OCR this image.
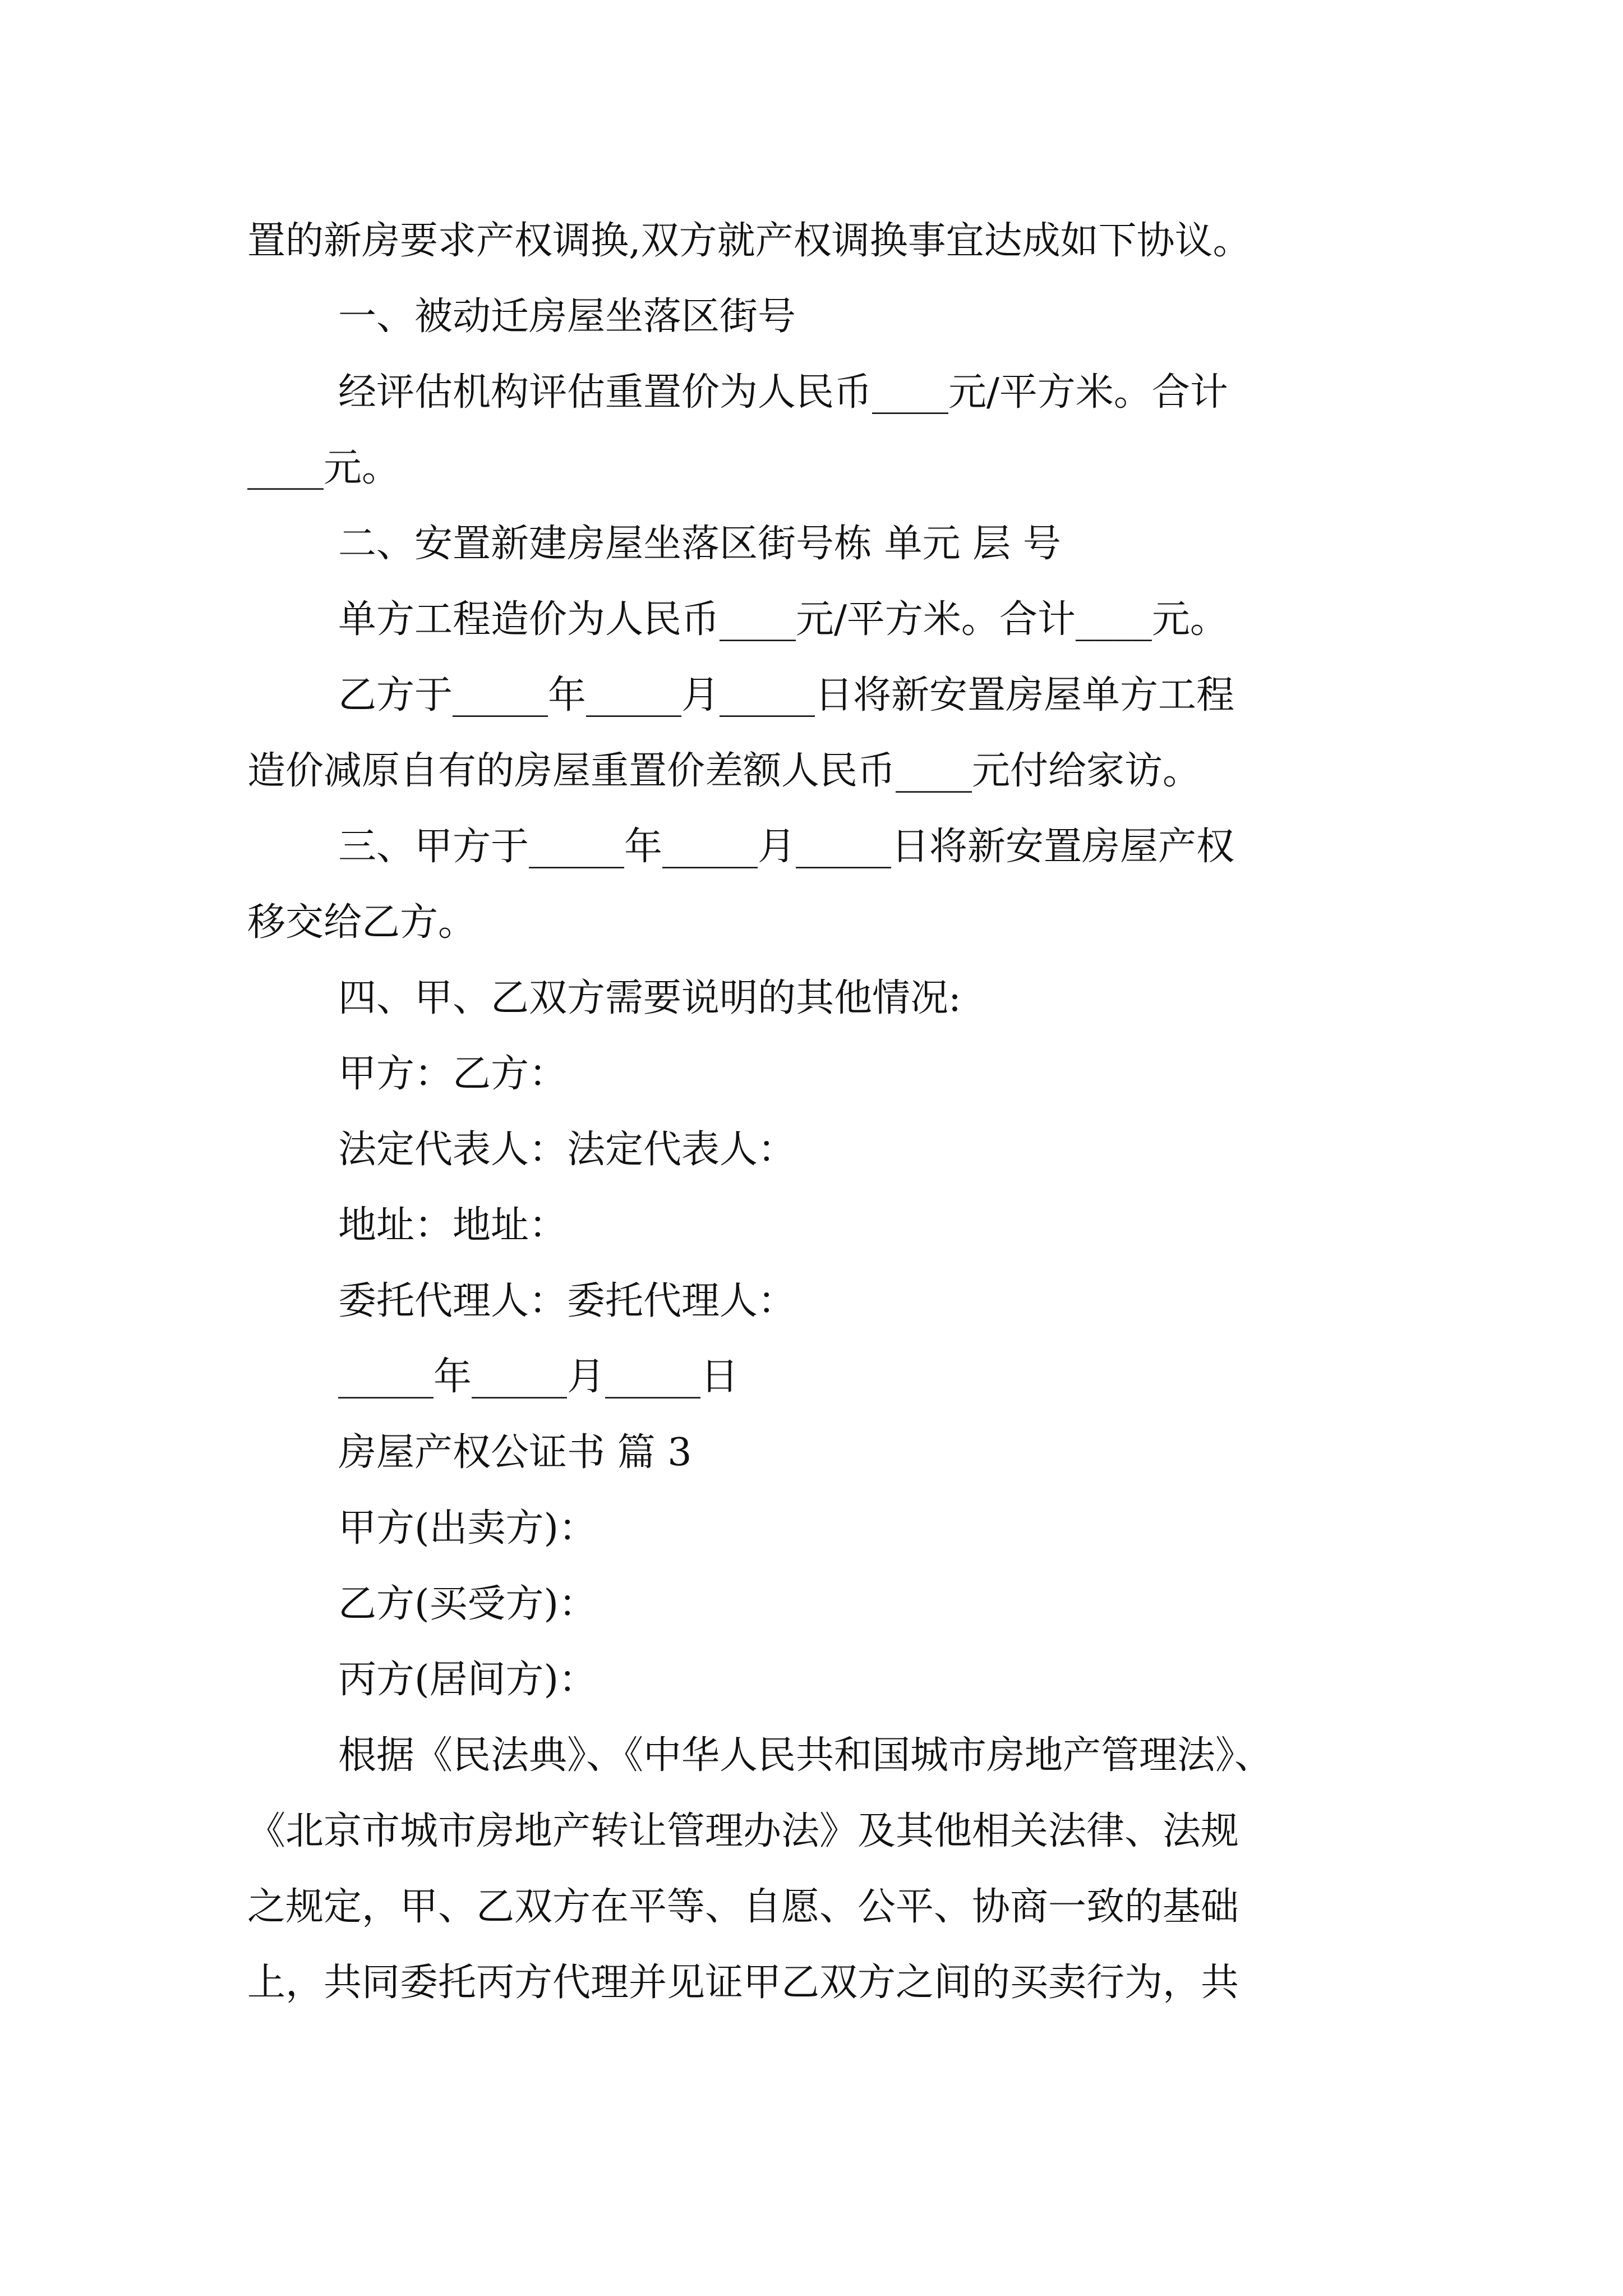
置的新房要求产权调换,双方就产权调换事宜达成如下协议。
一、被动迁房屋坐落区街号
经评估机构评估重置价为人民币____元/平方米。合计
____元。
二、安置新建房屋坐落区街号栋 单元 层 号
单方工程造价为人民币____元/平方米。合计____元。
乙方于_____年_____月_____日将新安置房屋单方工程
造价减原自有的房屋重置价差额人民币____元付给家访。
三、甲方于_____年_____月_____日将新安置房屋产权
移交给乙方。
四、甲、乙双方需要说明的其他情况:
甲方：乙方：
法定代表人：法定代表人：
地址：地址：
委托代理人：委托代理人：
_____年_____月_____日
房屋产权公证书 篇 3
甲方(出卖方)：
乙方(买受方)：
丙方(居间方)：
根据《民法典》、《中华人民共和国城市房地产管理法》、
《北京市城市房地产转让管理办法》及其他相关法律、法规
之规定，甲、乙双方在平等、自愿、公平、协商一致的基础
上，共同委托丙方代理并见证甲乙双方之间的买卖行为，共
